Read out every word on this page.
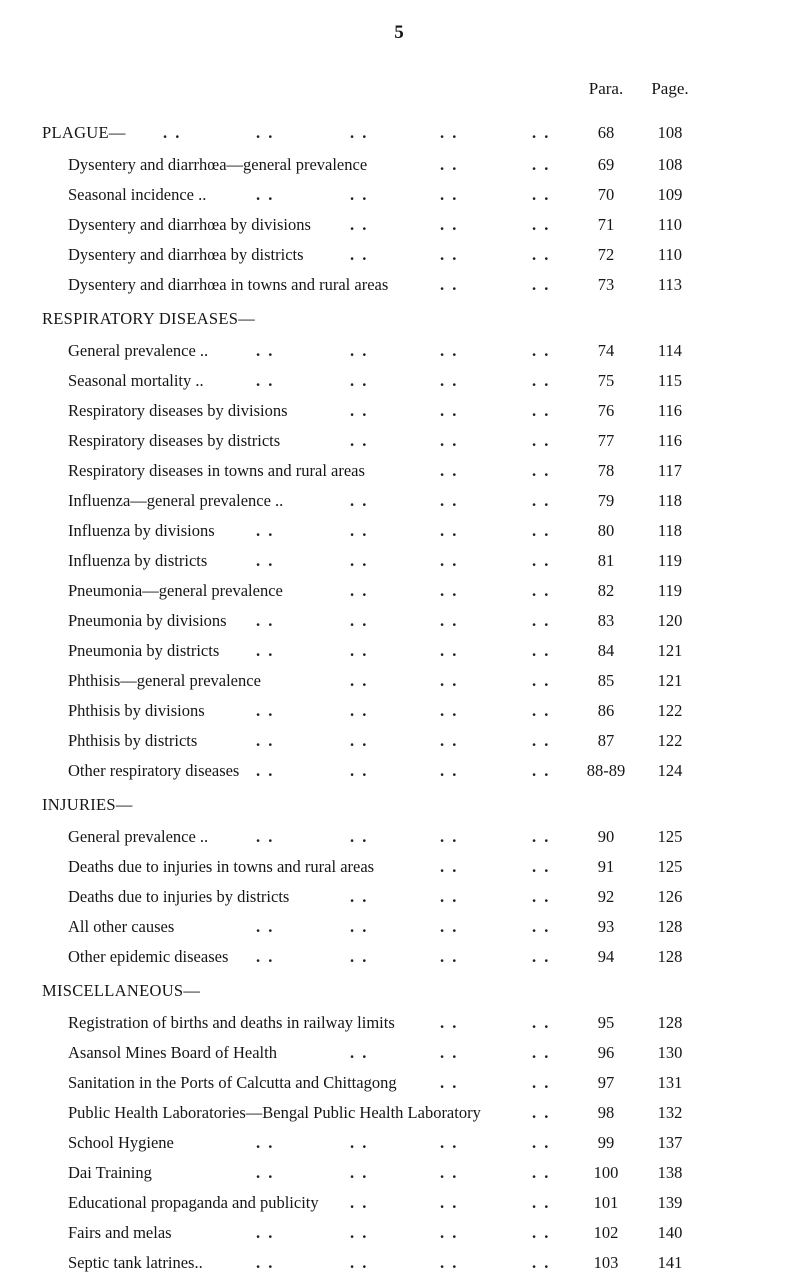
5
Para.	Page.
PLAGUE— . .	. .	. .	. .	. .	68	108
Dysentery and diarrhœa—general prevalence	. .	. .	69	108
Seasonal incidence ..	. .	. .	. .	. .	70	109
Dysentery and diarrhœa by divisions . .	. .	. .	71	110
Dysentery and diarrhœa by districts	. .	. .	. .	72	110
Dysentery and diarrhœa in towns and rural areas	. .	. .	73	113
RESPIRATORY DISEASES—
General prevalence ..	. .	. .	. .	. .	74	114
Seasonal mortality ..	. .	. .	. .	. .	75	115
Respiratory diseases by divisions	. .	. .	. .	76	116
Respiratory diseases by districts	. .	. .	. .	77	116
Respiratory diseases in towns and rural areas	. .	. .	78	117
Influenza—general prevalence ..	. .	. .	. .	79	118
Influenza by divisions	. .	. .	. .	. .	80	118
Influenza by districts	. .	. .	. .	. .	81	119
Pneumonia—general prevalence	. .	. .	. .	82	119
Pneumonia by divisions . .	. .	. .	. .	83	120
Pneumonia by districts . .	. .	. .	. .	84	121
Phthisis—general prevalence	. .	. .	. .	85	121
Phthisis by divisions	. .	. .	. .	. .	86	122
Phthisis by districts	. .	. .	. .	. .	87	122
Other respiratory diseases . .	. .	. .	. .	88-89	124
INJURIES—
General prevalence ..	. .	. .	. .	. .	90	125
Deaths due to injuries in towns and rural areas	. .	. .	91	125
Deaths due to injuries by districts	. .	. .	. .	92	126
All other causes	. .	. .	. .	. .	93	128
Other epidemic diseases . .	. .	. .	. .	94	128
MISCELLANEOUS—
Registration of births and deaths in railway limits	. .	. .	95	128
Asansol Mines Board of Health	. .	. .	. .	96	130
Sanitation in the Ports of Calcutta and Chittagong	. .	. .	97	131
Public Health Laboratories—Bengal Public Health Laboratory	. .	98	132
School Hygiene	. .	. .	. .	. .	99	137
Dai Training	. .	. .	. .	. .	100	138
Educational propaganda and publicity . .	. .	. .	101	139
Fairs and melas	. .	. .	. .	. .	102	140
Septic tank latrines..	. .	. .	. .	. .	103	141
